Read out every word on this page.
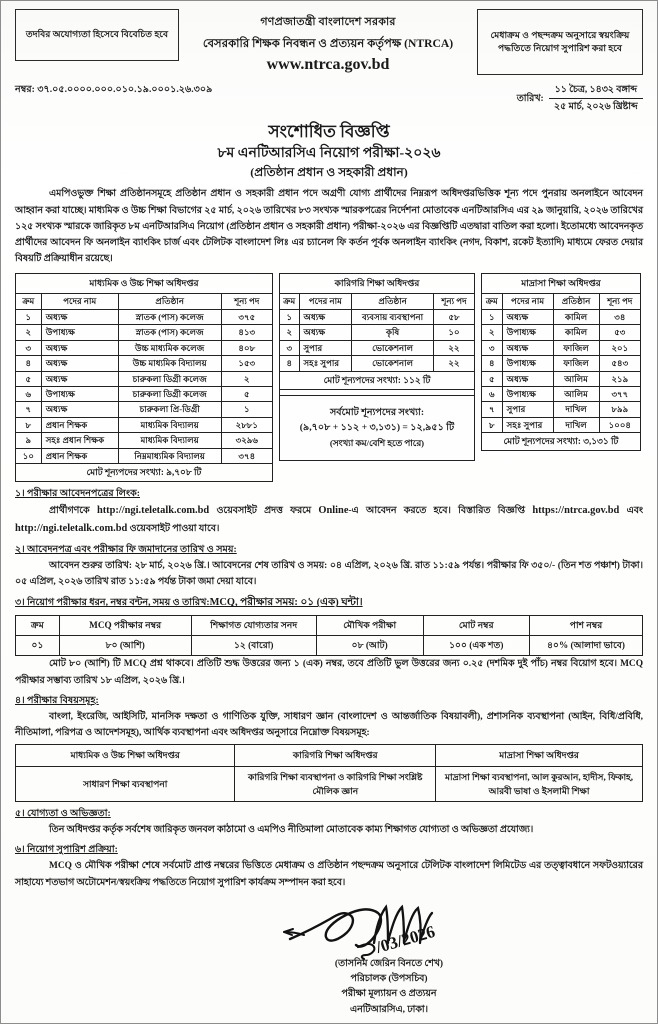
তদবির অযোগ্যতা হিসেবে বিবেচিত হবে
গণপ্রজাতন্ত্রী বাংলাদেশ সরকার
বেসরকারি শিক্ষক নিবন্ধন ও প্রত্যয়ন কর্তৃপক্ষ (NTRCA)
www.ntrca.gov.bd
মেধাক্রম ও পছন্দক্রম অনুসারে স্বয়ংক্রিয় পদ্ধতিতে নিয়োগ সুপারিশ করা হবে
নম্বর: ৩৭.০৫.০০০০.০০০.০১০.১৯.০০০১.২৬.৩০৯
তারিখ:
১১ চৈত্র, ১৪৩২ বঙ্গাব্দ
২৫ মার্চ, ২০২৬ খ্রিষ্টাব্দ
সংশোধিত বিজ্ঞপ্তি
৮ম এনটিআরসিএ নিয়োগ পরীক্ষা-২০২৬
(প্রতিষ্ঠান প্রধান ও সহকারী প্রধান)
এমপিওভুক্ত শিক্ষা প্রতিষ্ঠানসমূহে প্রতিষ্ঠান প্রধান ও সহকারী প্রধান পদে অগ্রণী যোগ্য প্রার্থীদের নিম্নরূপ অধিদপ্তরভিত্তিক শূন্য পদে পুনরায় অনলাইনে আবেদন আহ্বান করা যাচ্ছে। মাধ্যমিক ও উচ্চ শিক্ষা বিভাগের ২৫ মার্চ, ২০২৬ তারিখের ৮৩ সংখ্যক স্মারকপত্রের নির্দেশনা মোতাবেক এনটিআরসিএ এর ২৯ জানুয়ারি, ২০২৬ তারিখের ১২৫ সংখ্যক স্মারকে জারিকৃত ৮ম এনটিআরসিএ নিয়োগ (প্রতিষ্ঠান প্রধান ও সহকারী প্রধান) পরীক্ষা-২০২৬ এর বিজ্ঞপ্তিটি এতদ্বারা বাতিল করা হলো। ইতোমধ্যে আবেদনকৃত প্রার্থীদের আবেদন ফি অনলাইন ব্যাংকিং চার্জ এবং টেলিটক বাংলাদেশ লিঃ এর চ্যানেল ফি কর্তন পূর্বক অনলাইন ব্যাংকিং (নগদ, বিকাশ, রকেট ইত্যাদি) মাধ্যমে ফেরত দেয়ার বিষয়টি প্রক্রিয়াধীন রয়েছে।
মাধ্যমিক ও উচ্চ শিক্ষা অধিদপ্তর
ক্রম	পদের নাম	প্রতিষ্ঠান	শূন্য পদ
১	অধ্যক্ষ	স্নাতক (পাস) কলেজ	৩৭৫
২	উপাধ্যক্ষ	স্নাতক (পাস) কলেজ	৪১৩
৩	অধ্যক্ষ	উচ্চ মাধ্যমিক কলেজ	৪০৮
৪	অধ্যক্ষ	উচ্চ মাধ্যমিক বিদ্যালয়	১৫৩
৫	অধ্যক্ষ	চারুকলা ডিগ্রী কলেজ	২
৬	উপাধ্যক্ষ	চারুকলা ডিগ্রী কলেজ	৫
৭	অধ্যক্ষ	চারুকলা প্রি-ডিগ্রী	১
৮	প্রধান শিক্ষক	মাধ্যমিক বিদ্যালয়	২৮৮১
৯	সহঃ প্রধান শিক্ষক	মাধ্যমিক বিদ্যালয়	৩২৯৬
১০	প্রধান শিক্ষক	নিম্নমাধ্যমিক বিদ্যালয়	৩৭৪
মোট শূন্যপদের সংখ্যা: ৯,৭০৮ টি			
কারিগরি শিক্ষা অধিদপ্তর
ক্রম	পদের নাম	প্রতিষ্ঠান	শূন্য পদ
১	অধ্যক্ষ	ব্যবসায় ব্যবস্থাপনা	৫৮
২	অধ্যক্ষ	কৃষি	১০
৩	সুপার	ভোকেশনাল	২২
৪	সহঃ সুপার	ভোকেশনাল	২২
মোট শূন্যপদের সংখ্যা: ১১২ টি			
সর্বমোট শূন্যপদের সংখ্যা:
(৯,৭০৮ + ১১২ + ৩,১৩১) = ১২,৯৫১ টি
(সংখ্যা কম/বেশি হতে পারে)
মাদ্রাসা শিক্ষা অধিদপ্তর
ক্রম	পদের নাম	প্রতিষ্ঠান	শূন্য পদ
১	অধ্যক্ষ	কামিল	৩৪
২	উপাধ্যক্ষ	কামিল	৫৩
৩	অধ্যক্ষ	ফাজিল	২০১
৪	উপাধ্যক্ষ	ফাজিল	৫৪৩
৫	অধ্যক্ষ	আলিম	২১৯
৬	উপাধ্যক্ষ	আলিম	৩৭৭
৭	সুপার	দাখিল	৮৯৯
৮	সহঃ সুপার	দাখিল	১০০৪
মোট শূন্যপদের সংখ্যা: ৩,১৩১ টি			
১। পরীক্ষার আবেদনপত্রের লিংক:
প্রার্থীগণকে http://ngi.teletalk.com.bd ওয়েবসাইট প্রদত্ত ফরমে Online-এ আবেদন করতে হবে। বিস্তারিত বিজ্ঞপ্তি https://ntrca.gov.bd এবং http://ngi.teletalk.com.bd ওয়েবসাইট পাওয়া যাবে।
২। আবেদনপত্র এবং পরীক্ষার ফি জমাদানের তারিখ ও সময়:
আবেদন শুরুর তারিখ: ২৮ মার্চ, ২০২৬ খ্রি.। আবেদনের শেষ তারিখ ও সময়: ০৪ এপ্রিল, ২০২৬ খ্রি. রাত ১১:৫৯ পর্যন্ত। পরীক্ষার ফি ৩৫০/- (তিন শত পঞ্চাশ) টাকা। ০৫ এপ্রিল, ২০২৬ তারিখ রাত ১১:৫৯ পর্যন্ত টাকা জমা দেয়া যাবে।
৩। নিয়োগ পরীক্ষার ধরন, নম্বর বন্টন, সময় ও তারিখ:MCQ, পরীক্ষার সময়: ০১ (এক) ঘন্টা।
ক্রম	MCQ পরীক্ষার নম্বর	শিক্ষাগত যোগ্যতার সনদ	মৌখিক পরীক্ষা	মোট নম্বর	পাশ নম্বর
০১	৮০ (আশি)	১২ (বারো)	০৮ (আট)	১০০ (এক শত)	৪০% (আলাদা ভাবে)
মোট ৮০ (আশি) টি MCQ প্রশ্ন থাকবে। প্রতিটি শুদ্ধ উত্তরের জন্য ১ (এক) নম্বর, তবে প্রতিটি ভুল উত্তরের জন্য ০.২৫ (দশমিক দুই পাঁচ) নম্বর বিয়োগ হবে। MCQ পরীক্ষার সম্ভাব্য তারিখ ১৮ এপ্রিল, ২০২৬ খ্রি.।
৪। পরীক্ষার বিষয়সমূহ:
বাংলা, ইংরেজি, আইসিটি, মানসিক দক্ষতা ও গাণিতিক যুক্তি, সাধারণ জ্ঞান (বাংলাদেশ ও আন্তর্জাতিক বিষয়াবলী), প্রশাসনিক ব্যবস্থাপনা (আইন, বিধি/প্রবিধি, নীতিমালা, পরিপত্র ও আদেশসমূহ), আর্থিক ব্যবস্থাপনা এবং অধিদপ্তর অনুসারে নিম্নোক্ত বিষয়সমূহ:
মাধ্যমিক ও উচ্চ শিক্ষা অধিদপ্তর	কারিগরি শিক্ষা অধিদপ্তর	মাদ্রাসা শিক্ষা অধিদপ্তর
সাধারণ শিক্ষা ব্যবস্থাপনা	কারিগরি শিক্ষা ব্যবস্থাপনা ও কারিগরি শিক্ষা সংশ্লিষ্ট মৌলিক জ্ঞান	মাদ্রাসা শিক্ষা ব্যবস্থাপনা, আল কুরআন, হাদীস, ফিকাহ, আরবী ভাষা ও ইসলামী শিক্ষা
৫। যোগ্যতা ও অভিজ্ঞতা:
তিন অধিদপ্তর কর্তৃক সর্বশেষ জারিকৃত জনবল কাঠামো ও এমপিও নীতিমালা মোতাবেক কাম্য শিক্ষাগত যোগ্যতা ও অভিজ্ঞতা প্রযোজ্য।
৬। নিয়োগ সুপারিশ প্রক্রিয়া:
MCQ ও মৌখিক পরীক্ষা শেষে সর্বমোট প্রাপ্ত নম্বরের ভিত্তিতে মেধাক্রম ও প্রতিষ্ঠান পছন্দক্রম অনুসারে টেলিটক বাংলাদেশ লিমিটেড এর তত্ত্বাবধানে সফটওয়্যারের সাহায্যে শতভাগ অটোমেশন/স্বয়ংক্রিয় পদ্ধতিতে নিয়োগ সুপারিশ কার্যক্রম সম্পাদন করা হবে।
/03/2026
(তাসনিম জেরিন বিনতে শেখ)
পরিচালক (উপসচিব)
পরীক্ষা মূল্যায়ন ও প্রত্যয়ন
এনটিআরসিএ, ঢাকা।
